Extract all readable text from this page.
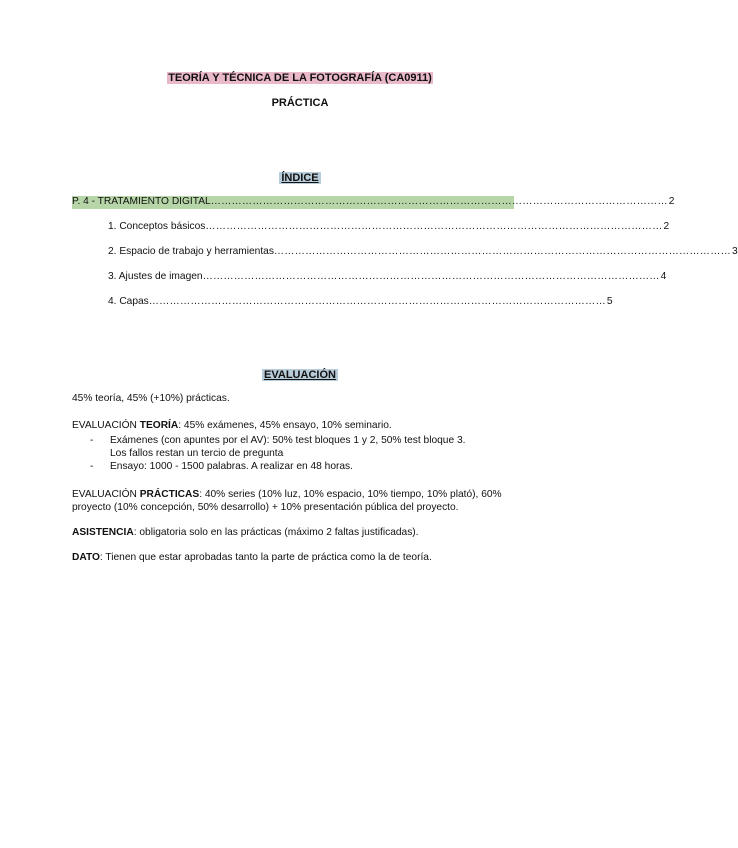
TEORÍA Y TÉCNICA DE LA FOTOGRAFÍA (CA0911)
PRÁCTICA
ÍNDICE
P. 4 - TRATAMIENTO DIGITAL …………………………………………………………………………………………………………………… 2
1. Conceptos básicos …………………………………………………………………………………………………………………… 2
2. Espacio de trabajo y herramientas …………………………………………………………………………………………………………………… 3
3. Ajustes de imagen …………………………………………………………………………………………………………………… 4
4. Capas …………………………………………………………………………………………………………………… 5
EVALUACIÓN
45% teoría, 45% (+10%) prácticas.
EVALUACIÓN TEORÍA: 45% exámenes, 45% ensayo, 10% seminario.
-	Exámenes (con apuntes por el AV): 50% test bloques 1 y 2, 50% test bloque 3.
Los fallos restan un tercio de pregunta
-	Ensayo: 1000 - 1500 palabras. A realizar en 48 horas.
EVALUACIÓN PRÁCTICAS: 40% series (10% luz, 10% espacio, 10% tiempo, 10% plató), 60% proyecto (10% concepción, 50% desarrollo) + 10% presentación pública del proyecto.
ASISTENCIA: obligatoria solo en las prácticas (máximo 2 faltas justificadas).
DATO: Tienen que estar aprobadas tanto la parte de práctica como la de teoría.
